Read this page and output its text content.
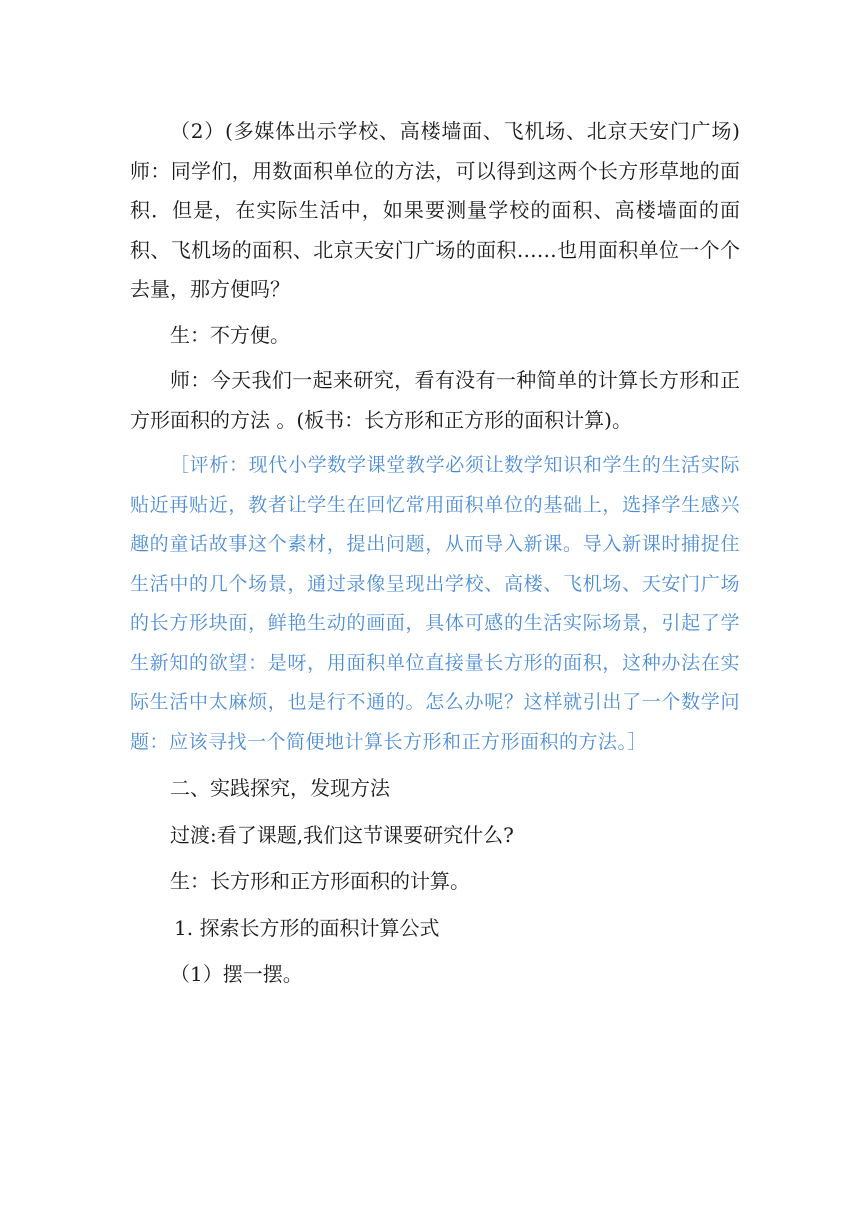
（2）(多媒体出示学校、高楼墙面、飞机场、北京天安门广场) 师：同学们，用数面积单位的方法，可以得到这两个长方形草地的面积．但是，在实际生活中，如果要测量学校的面积、高楼墙面的面积、飞机场的面积、北京天安门广场的面积……也用面积单位一个个去量，那方便吗？

生：不方便。

师：今天我们一起来研究，看有没有一种简单的计算长方形和正方形面积的方法 。(板书：长方形和正方形的面积计算)。

［评析：现代小学数学课堂教学必须让数学知识和学生的生活实际贴近再贴近，教者让学生在回忆常用面积单位的基础上，选择学生感兴趣的童话故事这个素材，提出问题，从而导入新课。导入新课时捕捉住生活中的几个场景，通过录像呈现出学校、高楼、飞机场、天安门广场的长方形块面，鲜艳生动的画面，具体可感的生活实际场景，引起了学生新知的欲望：是呀，用面积单位直接量长方形的面积，这种办法在实际生活中太麻烦，也是行不通的。怎么办呢？这样就引出了一个数学问题：应该寻找一个简便地计算长方形和正方形面积的方法。］

二、实践探究，发现方法

过渡:看了课题,我们这节课要研究什么?

生：长方形和正方形面积的计算。

1. 探索长方形的面积计算公式

（1）摆一摆。
